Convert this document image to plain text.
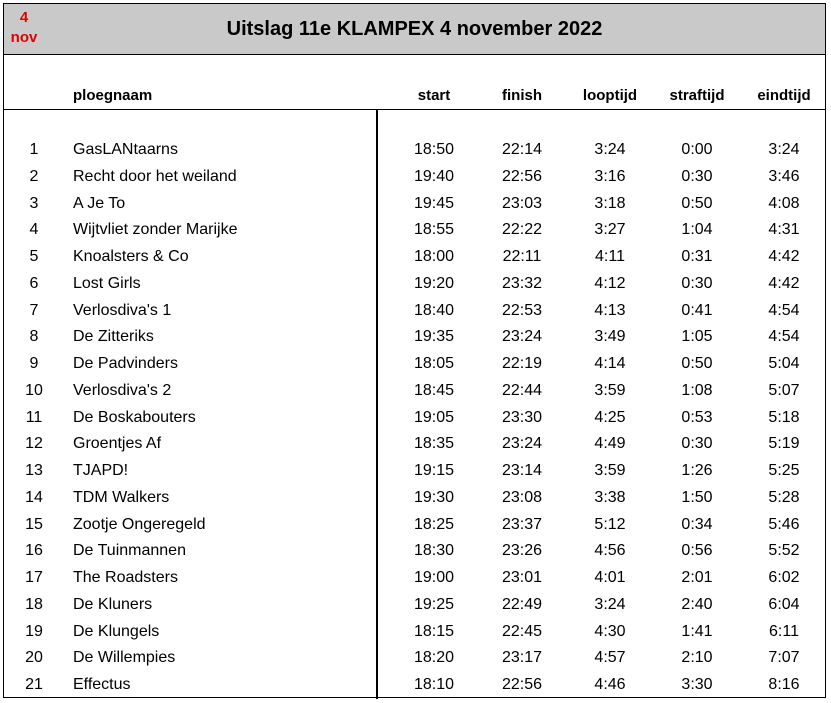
4
nov	Uitslag 11e KLAMPEX 4 november 2022
ploegnaam	start	finish	looptijd	straftijd	eindtijd
1	GasLANtaarns	18:50	22:14	3:24	0:00	3:24
2	Recht door het weiland	19:40	22:56	3:16	0:30	3:46
3	A Je To	19:45	23:03	3:18	0:50	4:08
4	Wijtvliet zonder Marijke	18:55	22:22	3:27	1:04	4:31
5	Knoalsters & Co	18:00	22:11	4:11	0:31	4:42
6	Lost Girls	19:20	23:32	4:12	0:30	4:42
7	Verlosdiva's 1	18:40	22:53	4:13	0:41	4:54
8	De Zitteriks	19:35	23:24	3:49	1:05	4:54
9	De Padvinders	18:05	22:19	4:14	0:50	5:04
10	Verlosdiva's 2	18:45	22:44	3:59	1:08	5:07
11	De Boskabouters	19:05	23:30	4:25	0:53	5:18
12	Groentjes Af	18:35	23:24	4:49	0:30	5:19
13	TJAPD!	19:15	23:14	3:59	1:26	5:25
14	TDM Walkers	19:30	23:08	3:38	1:50	5:28
15	Zootje Ongeregeld	18:25	23:37	5:12	0:34	5:46
16	De Tuinmannen	18:30	23:26	4:56	0:56	5:52
17	The Roadsters	19:00	23:01	4:01	2:01	6:02
18	De Kluners	19:25	22:49	3:24	2:40	6:04
19	De Klungels	18:15	22:45	4:30	1:41	6:11
20	De Willempies	18:20	23:17	4:57	2:10	7:07
21	Effectus	18:10	22:56	4:46	3:30	8:16
